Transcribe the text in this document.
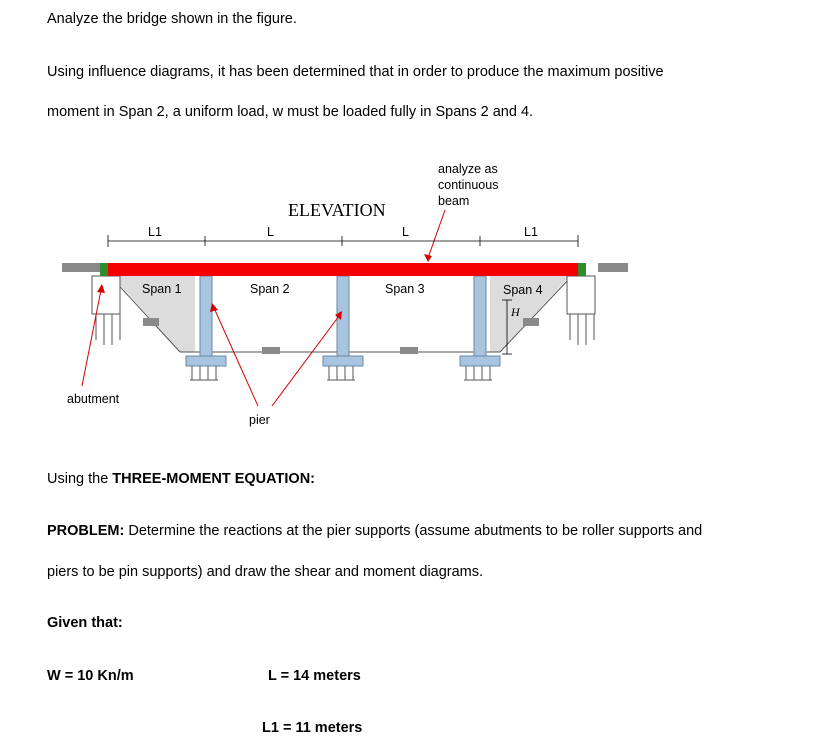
Analyze the bridge shown in the figure.
Using influence diagrams, it has been determined that in order to produce the maximum positive
moment in Span 2, a uniform load, w must be loaded fully in Spans 2 and 4.
analyze as
continuous
beam
ELEVATION
L1	L	L	L1
Span 1	Span 2	Span 3	Span 4
H
abutment
pier
Using the THREE-MOMENT EQUATION:
PROBLEM: Determine the reactions at the pier supports (assume abutments to be roller supports and
piers to be pin supports) and draw the shear and moment diagrams.
Given that:
W = 10 Kn/m	L = 14 meters
L1 = 11 meters
